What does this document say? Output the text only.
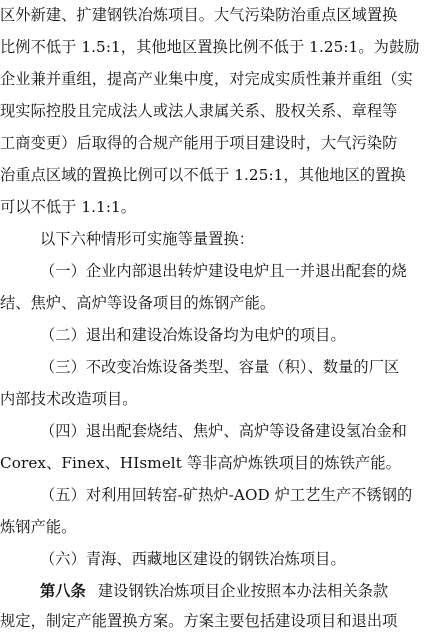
区外新建、扩建钢铁冶炼项目。大气污染防治重点区域置换
比例不低于 1.5:1，其他地区置换比例不低于 1.25:1。为鼓励
企业兼并重组，提高产业集中度，对完成实质性兼并重组（实
现实际控股且完成法人或法人隶属关系、股权关系、章程等
工商变更）后取得的合规产能用于项目建设时，大气污染防
治重点区域的置换比例可以不低于 1.25:1，其他地区的置换
可以不低于 1.1:1。
以下六种情形可实施等量置换：
（一）企业内部退出转炉建设电炉且一并退出配套的烧
结、焦炉、高炉等设备项目的炼钢产能。
（二）退出和建设冶炼设备均为电炉的项目。
（三）不改变冶炼设备类型、容量（积）、数量的厂区
内部技术改造项目。
（四）退出配套烧结、焦炉、高炉等设备建设氢冶金和
Corex、Finex、HIsmelt 等非高炉炼铁项目的炼铁产能。
（五）对利用回转窑-矿热炉-AOD 炉工艺生产不锈钢的
炼钢产能。
（六）青海、西藏地区建设的钢铁冶炼项目。
第八条 建设钢铁冶炼项目企业按照本办法相关条款
规定，制定产能置换方案。方案主要包括建设项目和退出项
